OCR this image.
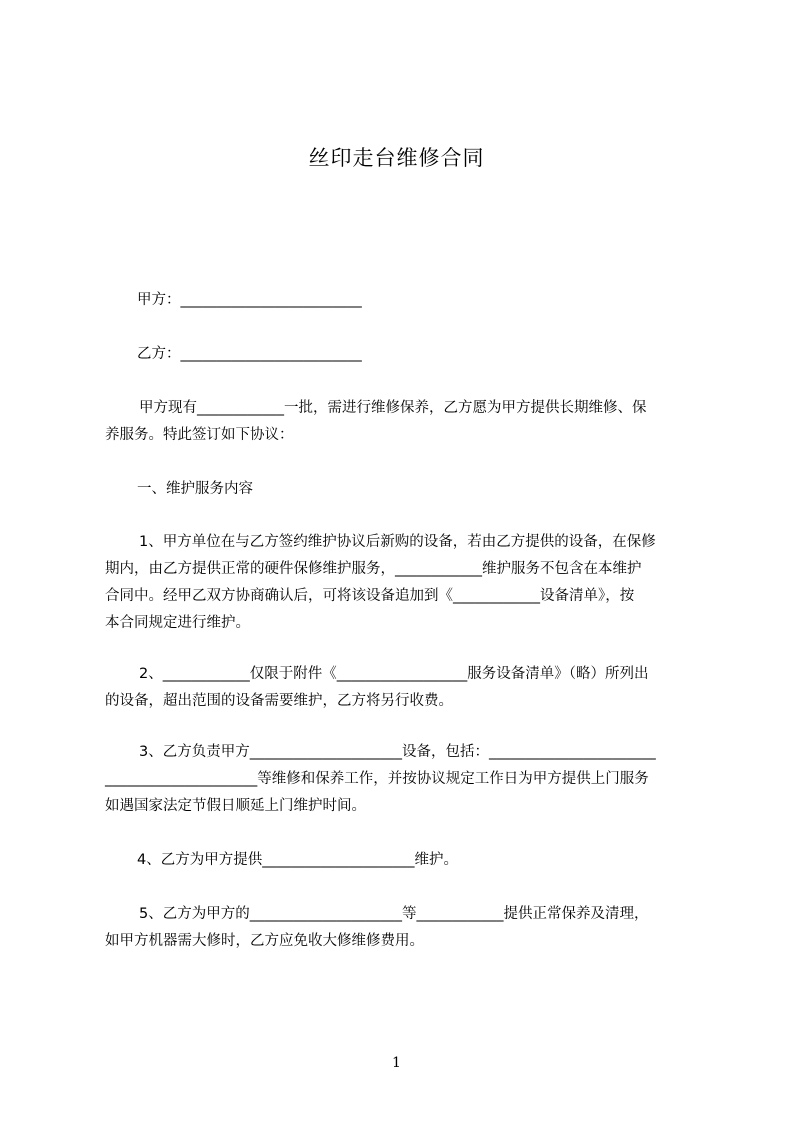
丝印走台维修合同
甲方：_________________________
乙方：_________________________
甲方现有____________一批，需进行维修保养，乙方愿为甲方提供长期维修、保
养服务。特此签订如下协议：
一、维护服务内容
1、甲方单位在与乙方签约维护协议后新购的设备，若由乙方提供的设备，在保修
期内，由乙方提供正常的硬件保修维护服务，____________维护服务不包含在本维护
合同中。经甲乙双方协商确认后，可将该设备追加到《____________设备清单》，按
本合同规定进行维护。
2、____________仅限于附件《__________________服务设备清单》（略）所列出
的设备，超出范围的设备需要维护，乙方将另行收费。
3、乙方负责甲方_____________________设备，包括：_______________________
_____________________等维修和保养工作，并按协议规定工作日为甲方提供上门服务
如遇国家法定节假日顺延上门维护时间。
4、乙方为甲方提供_____________________维护。
5、乙方为甲方的_____________________等____________提供正常保养及清理，
如甲方机器需大修时，乙方应免收大修维修费用。
1
